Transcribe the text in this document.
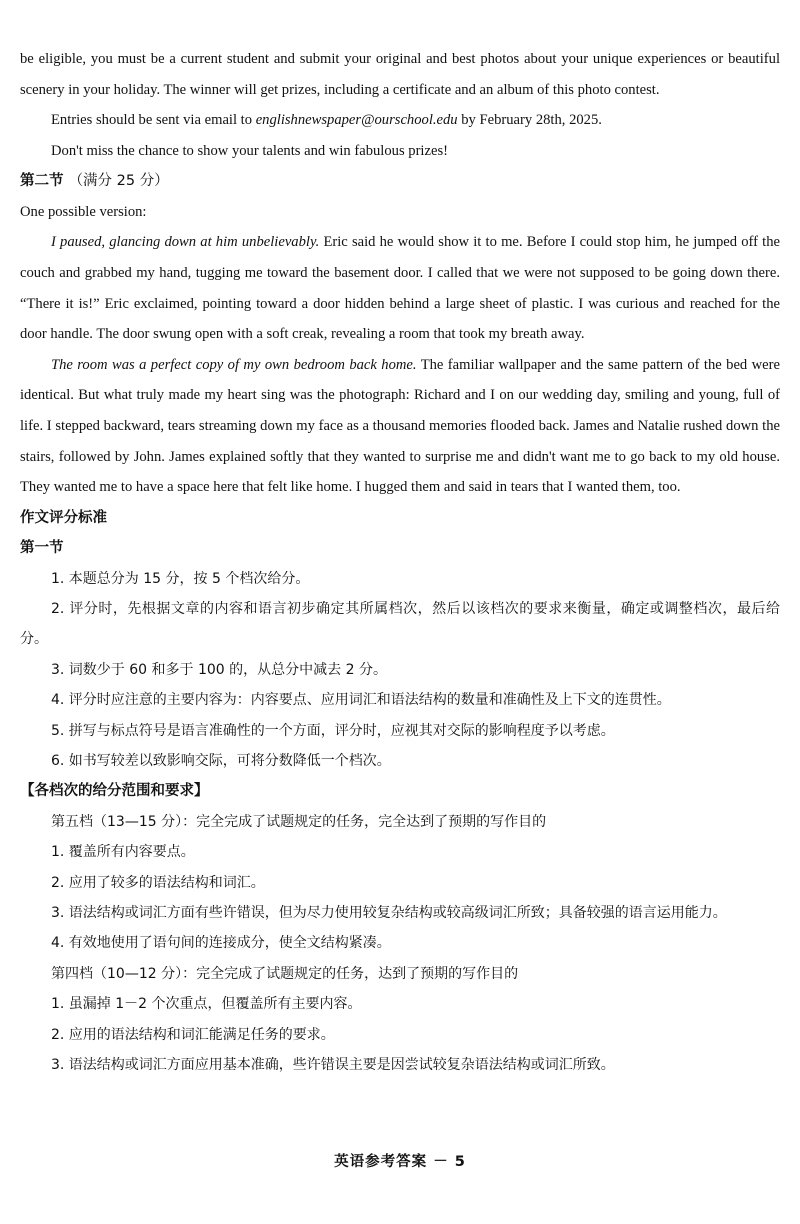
be eligible, you must be a current student and submit your original and best photos about your unique experiences or beautiful scenery in your holiday. The winner will get prizes, including a certificate and an album of this photo contest.

Entries should be sent via email to englishnewspaper@ourschool.edu by February 28th, 2025.

Don't miss the chance to show your talents and win fabulous prizes!

第二节 （满分 25 分）

One possible version:

I paused, glancing down at him unbelievably. Eric said he would show it to me. Before I could stop him, he jumped off the couch and grabbed my hand, tugging me toward the basement door. I called that we were not supposed to be going down there. “There it is!” Eric exclaimed, pointing toward a door hidden behind a large sheet of plastic. I was curious and reached for the door handle. The door swung open with a soft creak, revealing a room that took my breath away.

The room was a perfect copy of my own bedroom back home. The familiar wallpaper and the same pattern of the bed were identical. But what truly made my heart sing was the photograph: Richard and I on our wedding day, smiling and young, full of life. I stepped backward, tears streaming down my face as a thousand memories flooded back. James and Natalie rushed down the stairs, followed by John. James explained softly that they wanted to surprise me and didn't want me to go back to my old house. They wanted me to have a space here that felt like home. I hugged them and said in tears that I wanted them, too.

作文评分标准

第一节

1. 本题总分为 15 分，按 5 个档次给分。

2. 评分时，先根据文章的内容和语言初步确定其所属档次，然后以该档次的要求来衡量，确定或调整档次，最后给分。

3. 词数少于 60 和多于 100 的，从总分中减去 2 分。

4. 评分时应注意的主要内容为：内容要点、应用词汇和语法结构的数量和准确性及上下文的连贯性。

5. 拼写与标点符号是语言准确性的一个方面，评分时，应视其对交际的影响程度予以考虑。

6. 如书写较差以致影响交际，可将分数降低一个档次。

【各档次的给分范围和要求】

第五档（13—15 分）：完全完成了试题规定的任务，完全达到了预期的写作目的

1. 覆盖所有内容要点。

2. 应用了较多的语法结构和词汇。

3. 语法结构或词汇方面有些许错误，但为尽力使用较复杂结构或较高级词汇所致；具备较强的语言运用能力。

4. 有效地使用了语句间的连接成分，使全文结构紧凑。

第四档（10—12 分）：完全完成了试题规定的任务，达到了预期的写作目的

1. 虽漏掉 1－2 个次重点，但覆盖所有主要内容。

2. 应用的语法结构和词汇能满足任务的要求。

3. 语法结构或词汇方面应用基本准确，些许错误主要是因尝试较复杂语法结构或词汇所致。

英语参考答案 － 5
